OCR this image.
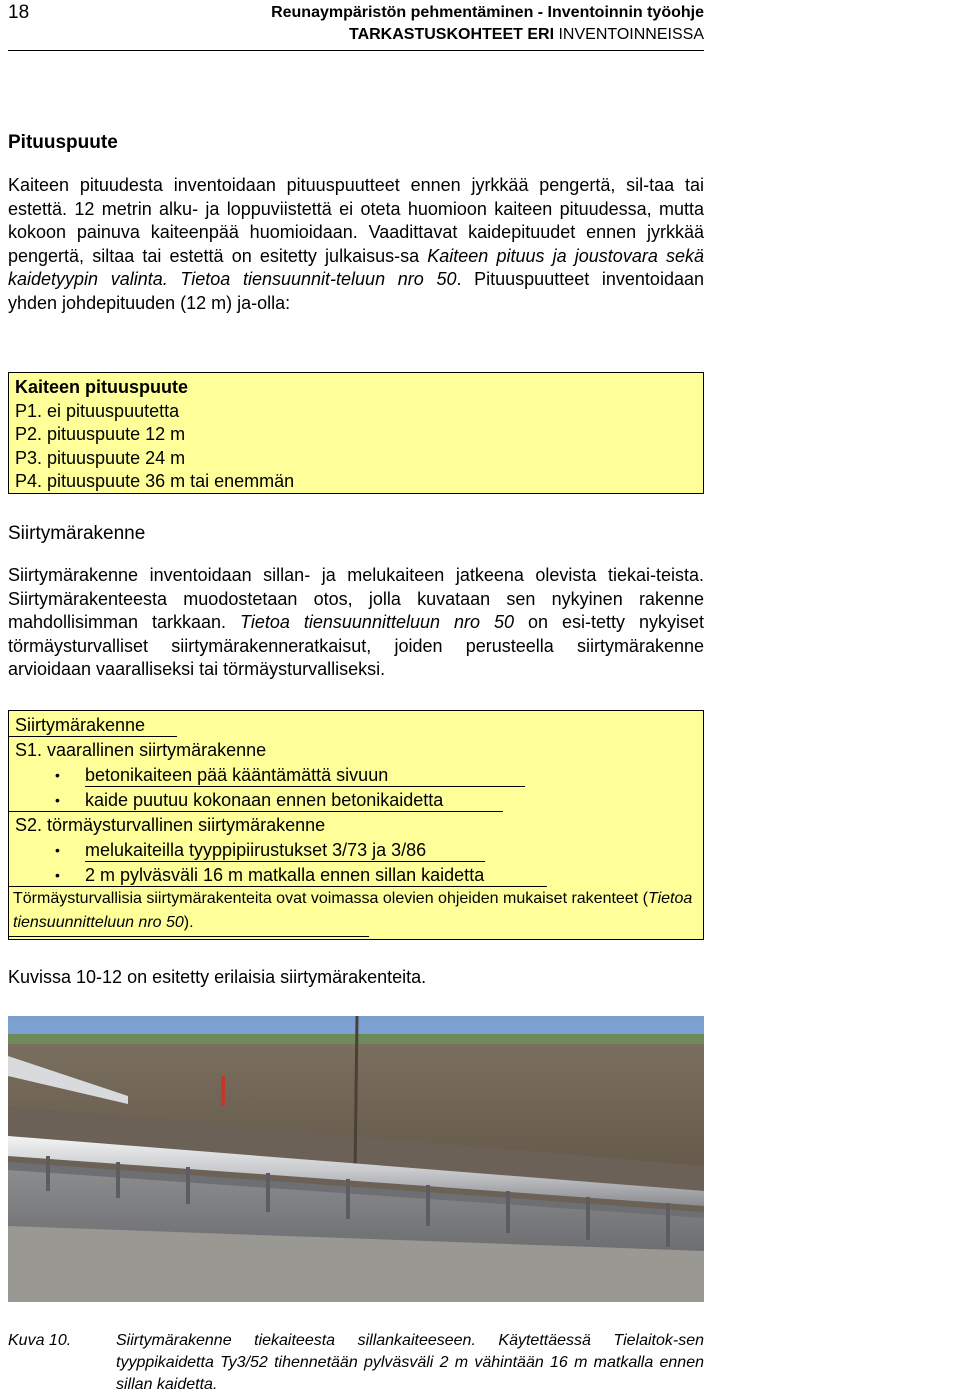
18	Reunaympäristön pehmentäminen - Inventoinnin työohje
TARKASTUSKOHTEET ERI INVENTOINNEISSA
Pituuspuute
Kaiteen pituudesta inventoidaan pituuspuutteet ennen jyrkkää pengertä, sil-taa tai estettä. 12 metrin alku- ja loppuviistettä ei oteta huomioon kaiteen pituudessa, mutta kokoon painuva kaiteenpää huomioidaan. Vaadittavat kaidepituudet ennen jyrkkää pengertä, siltaa tai estettä on esitetty julkaisus-sa Kaiteen pituus ja joustovara sekä kaidetyypin valinta. Tietoa tiensuunnit-teluun nro 50. Pituuspuutteet inventoidaan yhden johdepituuden (12 m) ja-olla:
Kaiteen pituuspuute
P1. ei pituuspuutetta
P2. pituuspuute 12 m
P3. pituuspuute 24 m
P4. pituuspuute 36 m tai enemmän
Siirtymärakenne
Siirtymärakenne inventoidaan sillan- ja melukaiteen jatkeena olevista tiekai-teista. Siirtymärakenteesta muodostetaan otos, jolla kuvataan sen nykyinen rakenne mahdollisimman tarkkaan. Tietoa tiensuunnitteluun nro 50 on esi-tetty nykyiset törmäysturvalliset siirtymärakenneratkaisut, joiden perusteella siirtymärakenne arvioidaan vaaralliseksi tai törmäysturvalliseksi.
Siirtymärakenne
S1. vaarallinen siirtymärakenne
• betonikaiteen pää kääntämättä sivuun
• kaide puutuu kokonaan ennen betonikaidetta
S2. törmäysturvallinen siirtymärakenne
• melukaiteilla tyyppipiirustukset 3/73 ja 3/86
• 2 m pylväsväli 16 m matkalla ennen sillan kaidetta
Törmäysturvallisia siirtymärakenteita ovat voimassa olevien ohjeiden mukaiset rakenteet (Tietoa tiensuunnitteluun nro 50).
Kuvissa 10-12 on esitetty erilaisia siirtymärakenteita.
Kuva 10.	Siirtymärakenne tiekaiteesta sillankaiteeseen. Käytettäessä Tielaitok-sen tyyppikaidetta Ty3/52 tihennetään pylväsväli 2 m vähintään 16 m matkalla ennen sillan kaidetta.
